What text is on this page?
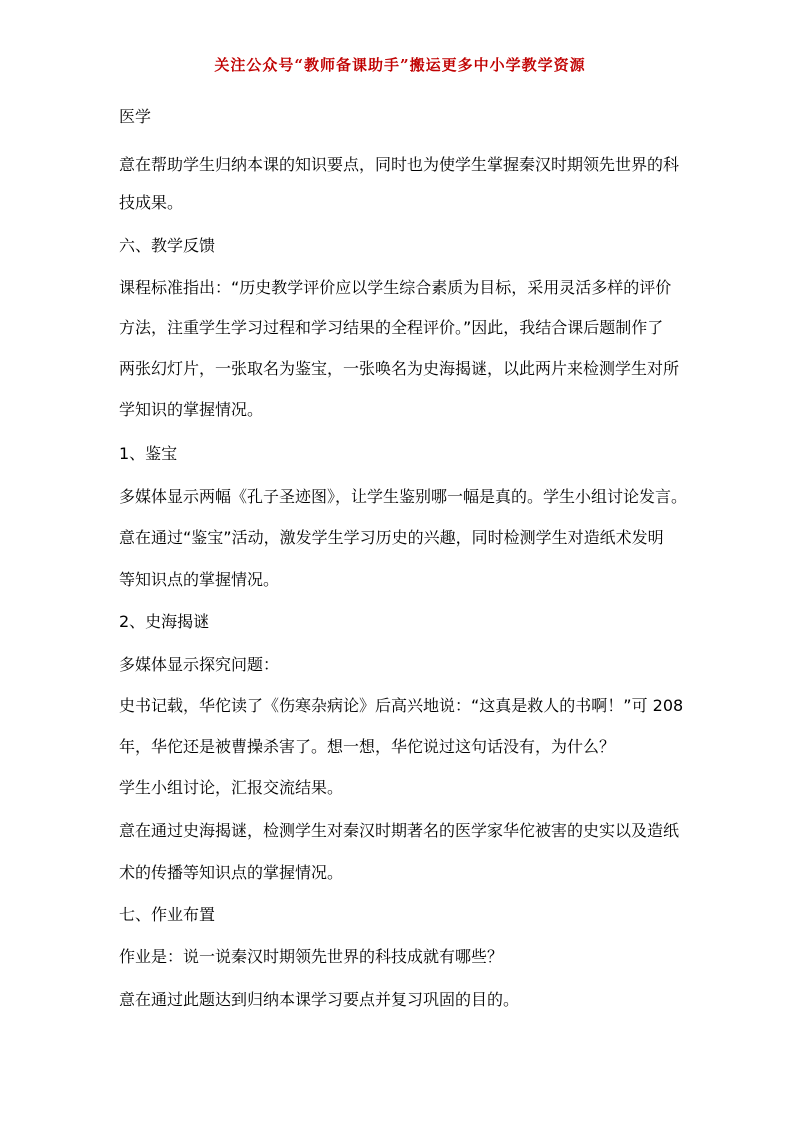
关注公众号“教师备课助手”搬运更多中小学教学资源
医学
意在帮助学生归纳本课的知识要点，同时也为使学生掌握秦汉时期领先世界的科
技成果。
六、教学反馈
课程标准指出：“历史教学评价应以学生综合素质为目标，采用灵活多样的评价
方法，注重学生学习过程和学习结果的全程评价。”因此，我结合课后题制作了
两张幻灯片，一张取名为鉴宝，一张唤名为史海揭谜，以此两片来检测学生对所
学知识的掌握情况。
1、鉴宝
多媒体显示两幅《孔子圣迹图》，让学生鉴别哪一幅是真的。学生小组讨论发言。
意在通过“鉴宝”活动，激发学生学习历史的兴趣，同时检测学生对造纸术发明
等知识点的掌握情况。
2、史海揭谜
多媒体显示探究问题：
史书记载，华佗读了《伤寒杂病论》后高兴地说：“这真是救人的书啊！”可 208
年，华佗还是被曹操杀害了。想一想，华佗说过这句话没有，为什么？
学生小组讨论，汇报交流结果。
意在通过史海揭谜，检测学生对秦汉时期著名的医学家华佗被害的史实以及造纸
术的传播等知识点的掌握情况。
七、作业布置
作业是：说一说秦汉时期领先世界的科技成就有哪些？
意在通过此题达到归纳本课学习要点并复习巩固的目的。
